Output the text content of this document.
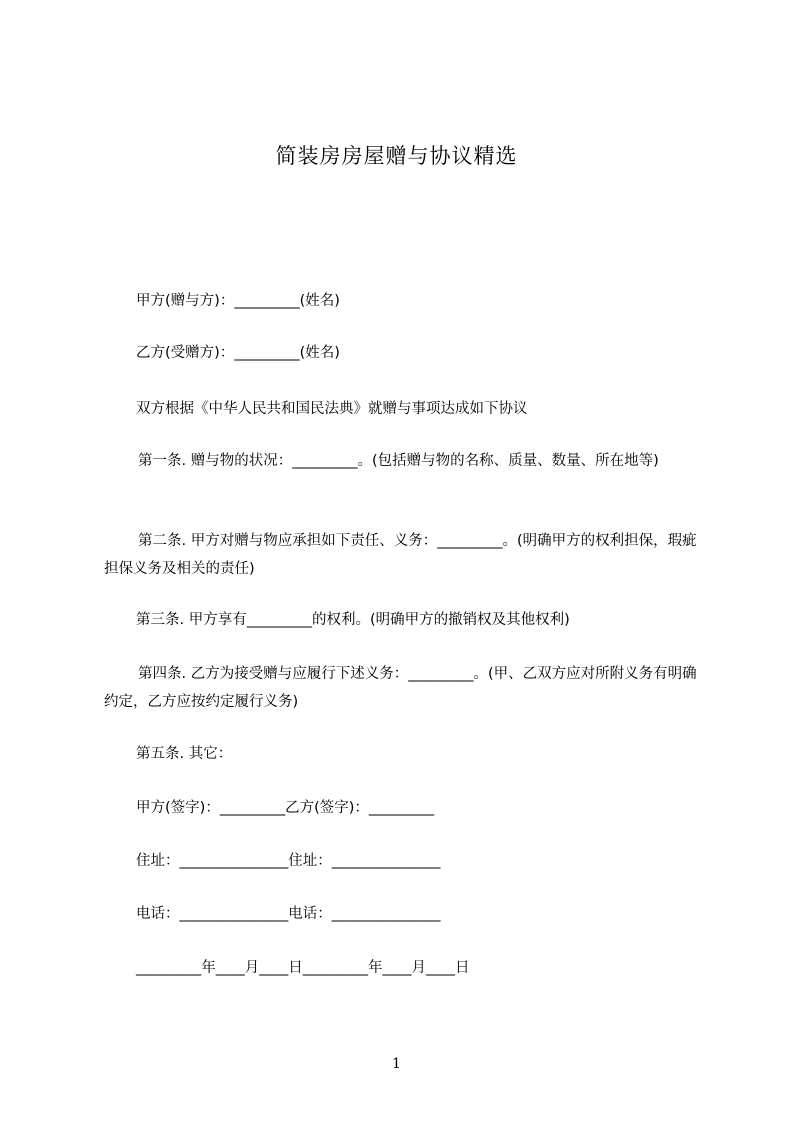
简装房房屋赠与协议精选
甲方(赠与方)：_________(姓名)
乙方(受赠方)：_________(姓名)
双方根据《中华人民共和国民法典》就赠与事项达成如下协议
第一条. 赠与物的状况：_________。(包括赠与物的名称、质量、数量、所在地等)
第二条. 甲方对赠与物应承担如下责任、义务：_________。(明确甲方的权利担保，瑕疵担保义务及相关的责任)
第三条. 甲方享有_________的权利。(明确甲方的撤销权及其他权利)
第四条. 乙方为接受赠与应履行下述义务：_________。(甲、乙双方应对所附义务有明确约定，乙方应按约定履行义务)
第五条. 其它：
甲方(签字)：_________乙方(签字)：_________
住址：_______________住址：_______________
电话：_______________电话：_______________
_________年____月____日_________年____月____日
1
